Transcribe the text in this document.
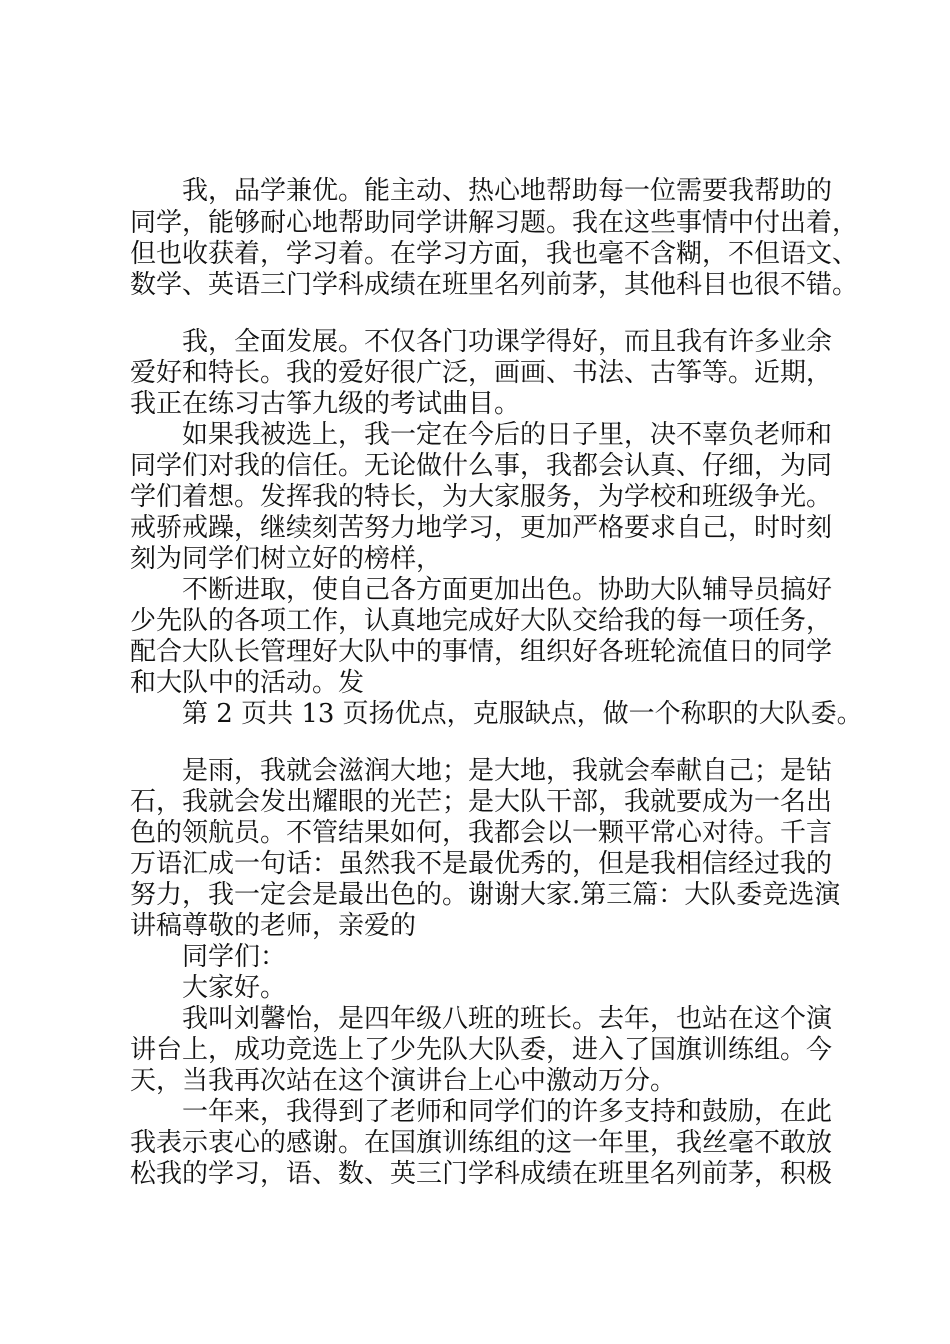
我，品学兼优。能主动、热心地帮助每一位需要我帮助的
同学，能够耐心地帮助同学讲解习题。我在这些事情中付出着，
但也收获着，学习着。在学习方面，我也毫不含糊，不但语文、
数学、英语三门学科成绩在班里名列前茅，其他科目也很不错。
我，全面发展。不仅各门功课学得好，而且我有许多业余
爱好和特长。我的爱好很广泛，画画、书法、古筝等。近期，
我正在练习古筝九级的考试曲目。
如果我被选上，我一定在今后的日子里，决不辜负老师和
同学们对我的信任。无论做什么事，我都会认真、仔细，为同
学们着想。发挥我的特长，为大家服务，为学校和班级争光。
戒骄戒躁，继续刻苦努力地学习，更加严格要求自己，时时刻
刻为同学们树立好的榜样，
不断进取，使自己各方面更加出色。协助大队辅导员搞好
少先队的各项工作，认真地完成好大队交给我的每一项任务，
配合大队长管理好大队中的事情，组织好各班轮流值日的同学
和大队中的活动。发
第 2 页共 13 页扬优点，克服缺点，做一个称职的大队委。
是雨，我就会滋润大地；是大地，我就会奉献自己；是钻
石，我就会发出耀眼的光芒；是大队干部，我就要成为一名出
色的领航员。不管结果如何，我都会以一颗平常心对待。千言
万语汇成一句话：虽然我不是最优秀的，但是我相信经过我的
努力，我一定会是最出色的。谢谢大家.第三篇：大队委竞选演
讲稿尊敬的老师，亲爱的
同学们：
大家好。
我叫刘馨怡，是四年级八班的班长。去年，也站在这个演
讲台上，成功竞选上了少先队大队委，进入了国旗训练组。今
天，当我再次站在这个演讲台上心中激动万分。
一年来，我得到了老师和同学们的许多支持和鼓励，在此
我表示衷心的感谢。在国旗训练组的这一年里，我丝毫不敢放
松我的学习，语、数、英三门学科成绩在班里名列前茅，积极
